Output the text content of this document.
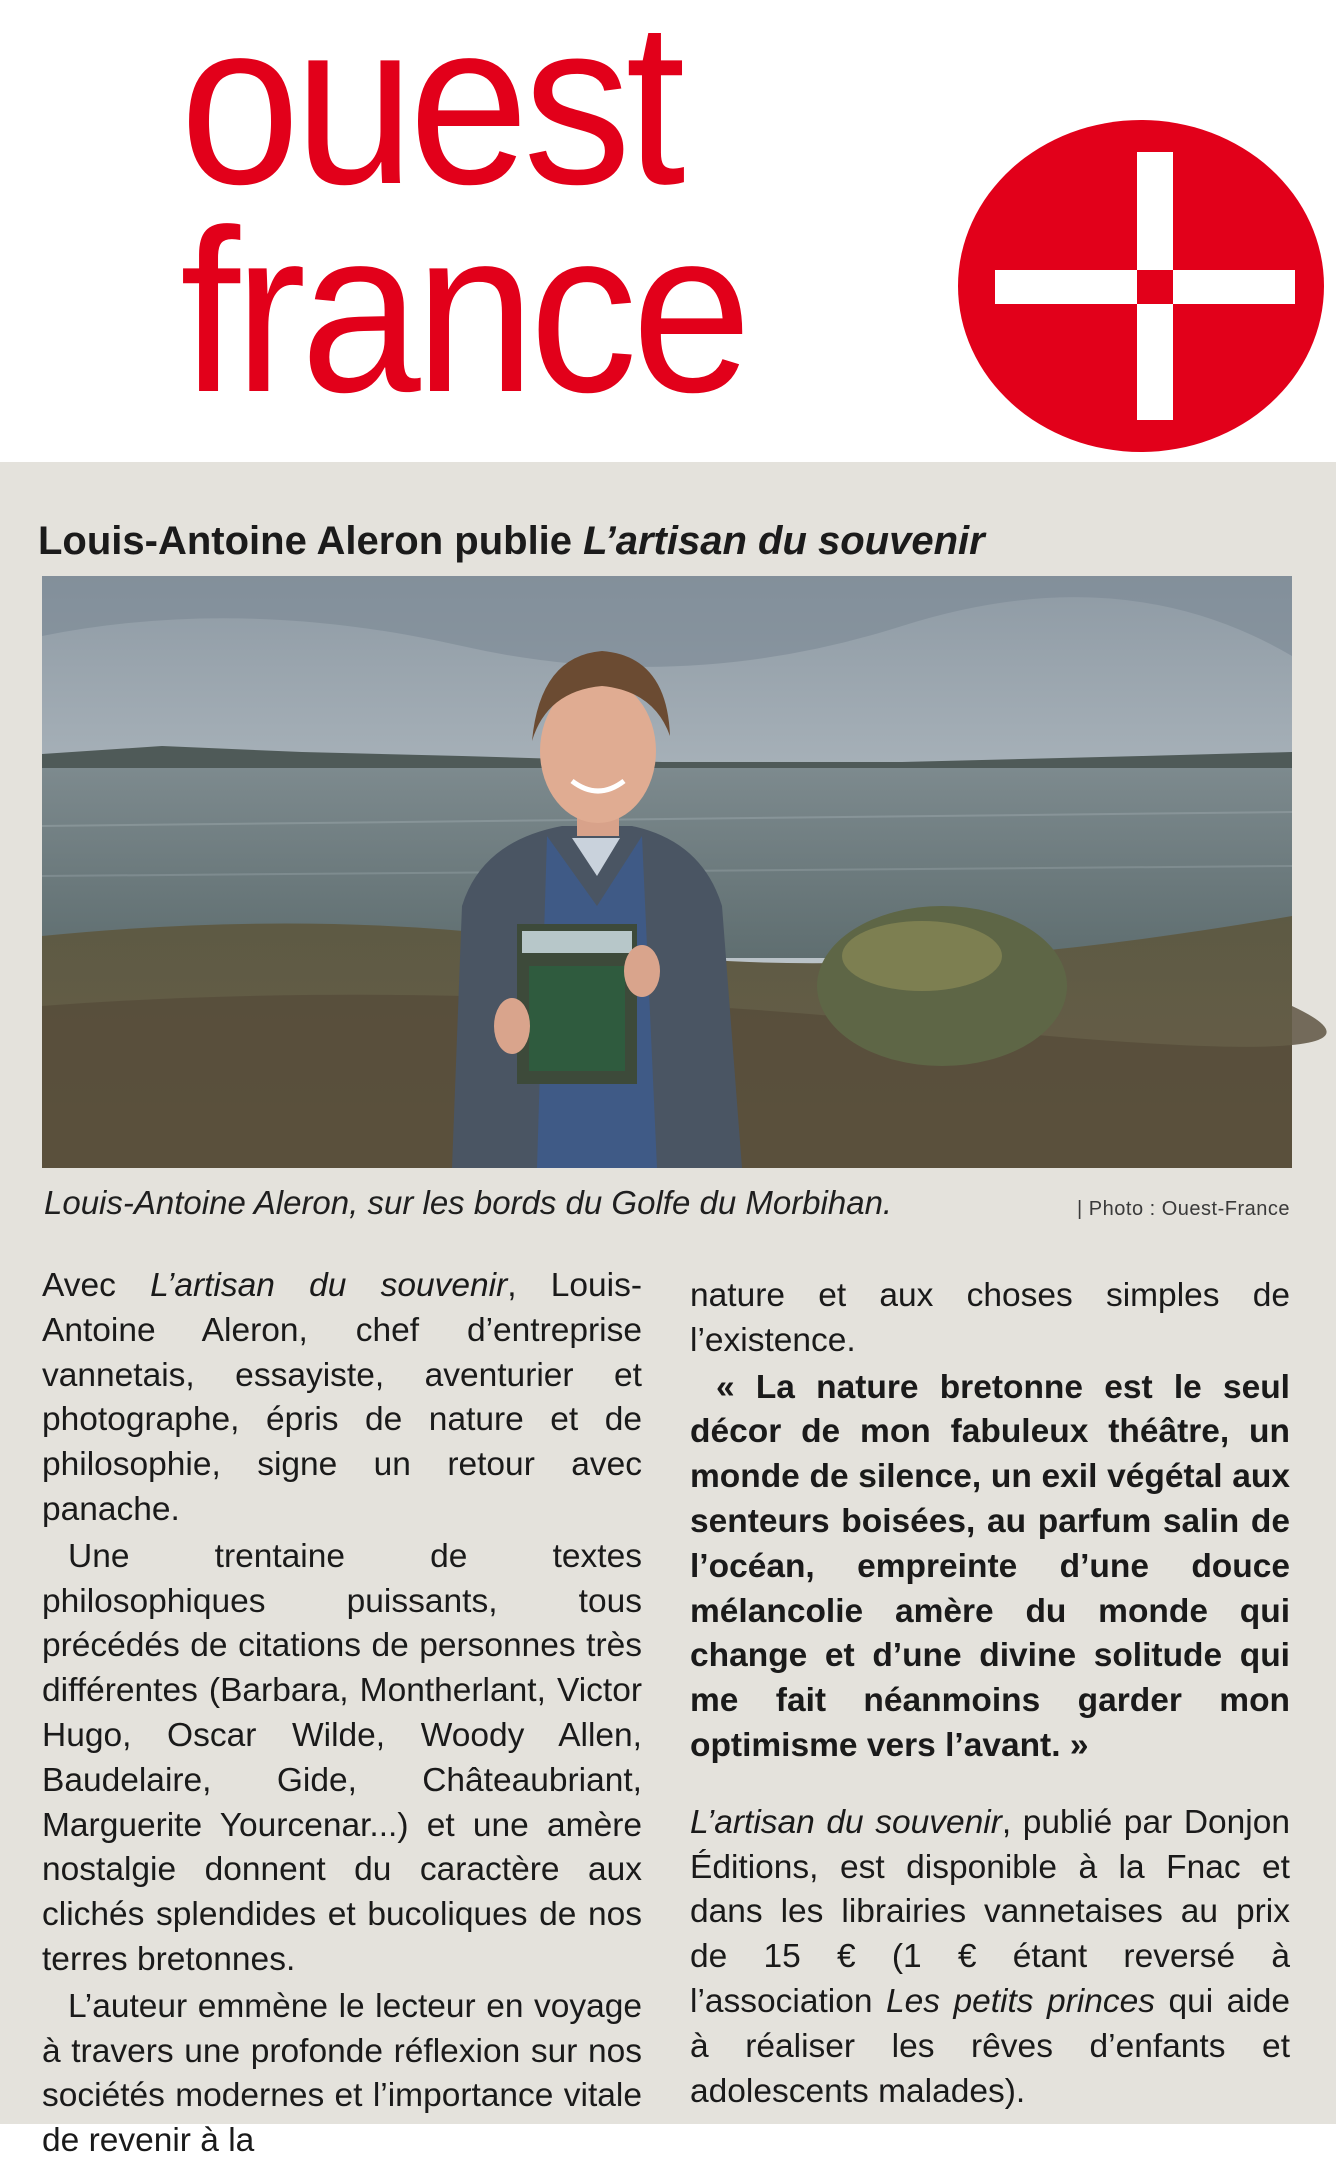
ouest
france
Louis-Antoine Aleron publie L’artisan du souvenir
Louis-Antoine Aleron, sur les bords du Golfe du Morbihan.	| Photo : Ouest-France

Avec L’artisan du souvenir, Louis-Antoine Aleron, chef d’entreprise vannetais, essayiste, aventurier et photographe, épris de nature et de philosophie, signe un retour avec panache.

Une trentaine de textes philosophiques puissants, tous précédés de citations de personnes très différentes (Barbara, Montherlant, Victor Hugo, Oscar Wilde, Woody Allen, Baudelaire, Gide, Châteaubriant, Marguerite Yourcenar...) et une amère nostalgie donnent du caractère aux clichés splendides et bucoliques de nos terres bretonnes.

L’auteur emmène le lecteur en voyage à travers une profonde réflexion sur nos sociétés modernes et l’importance vitale de revenir à la

nature et aux choses simples de l’existence.

« La nature bretonne est le seul décor de mon fabuleux théâtre, un monde de silence, un exil végétal aux senteurs boisées, au parfum salin de l’océan, empreinte d’une douce mélancolie amère du monde qui change et d’une divine solitude qui me fait néanmoins garder mon optimisme vers l’avant. »

L’artisan du souvenir, publié par Donjon Éditions, est disponible à la Fnac et dans les librairies vannetaises au prix de 15 € (1 € étant reversé à l’association Les petits princes qui aide à réaliser les rêves d’enfants et adolescents malades).
